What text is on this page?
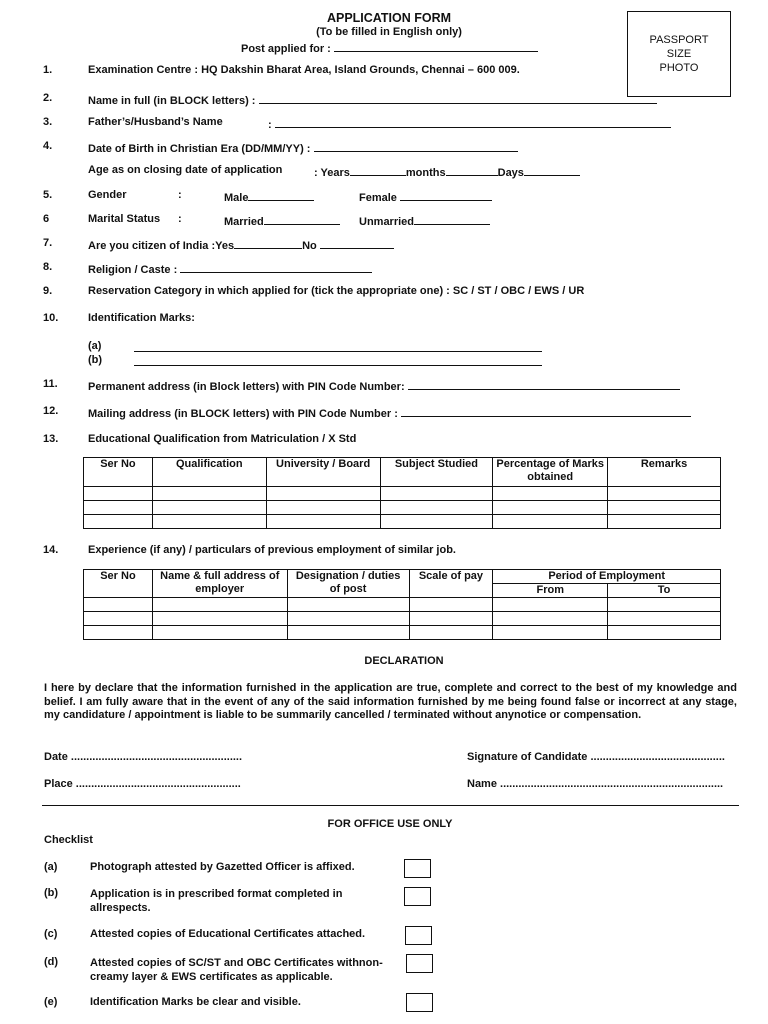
APPLICATION FORM
(To be filled in English only)
Post applied for :
PASSPORT
SIZE
PHOTO
1.	Examination Centre : HQ Dakshin Bharat Area, Island Grounds, Chennai – 600 009.
2.	Name in full (in BLOCK letters) :
3.	Father’s/Husband’s Name	:
4.	Date of Birth in Christian Era (DD/MM/YY) :
Age as on closing date of application	: Years	months	Days
5.	Gender	:	Male	Female
6	Marital Status :	Married	Unmarried
7.	Are you citizen of India :Yes	No
8.	Religion / Caste :
9.	Reservation Category in which applied for (tick the appropriate one) : SC / ST / OBC / EWS / UR
10.	Identification Marks:
(a)
(b)
11.	Permanent address (in Block letters) with PIN Code Number:
12.	Mailing address (in BLOCK letters) with PIN Code Number :
13.	Educational Qualification from Matriculation / X Std
Ser No	Qualification	University / Board	Subject Studied	Percentage of Marks obtained	Remarks

14.	Experience (if any) / particulars of previous employment of similar job.
Ser No	Name & full address of employer	Designation / duties of post	Scale of pay	Period of Employment	
				From	To

DECLARATION
I here by declare that the information furnished in the application are true, complete and correct to the best of my knowledge and belief. I am fully aware that in the event of any of the said information furnished by me being found false or incorrect at any stage, my candidature / appointment is liable to be summarily cancelled / terminated without anynotice or compensation.
Date ........................................................	Signature of Candidate ............................................
Place ......................................................	Name .........................................................................
FOR OFFICE USE ONLY
Checklist
(a)	Photograph attested by Gazetted Officer is affixed.
(b)	Application is in prescribed format completed in allrespects.
(c)	Attested copies of Educational Certificates attached.
(d)	Attested copies of SC/ST and OBC Certificates withnon-creamy layer & EWS certificates as applicable.
(e)	Identification Marks be clear and visible.
